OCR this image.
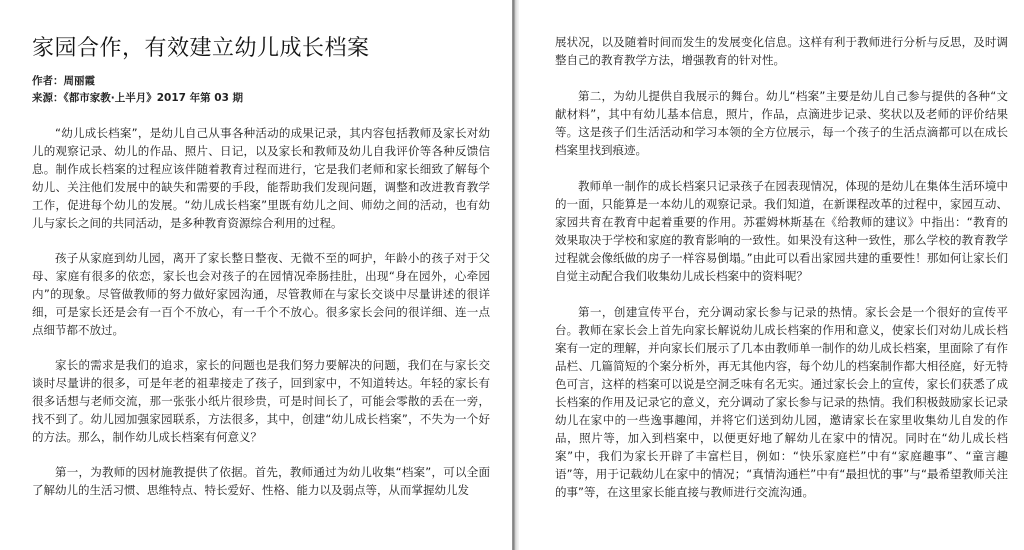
家园合作，有效建立幼儿成长档案
作者：周丽霞
来源：《都市家教·上半月》2017 年第 03 期

“幼儿成长档案”，是幼儿自己从事各种活动的成果记录，其内容包括教师及家长对幼儿的观察记录、幼儿的作品、照片、日记，以及家长和教师及幼儿自我评价等各种反馈信息。制作成长档案的过程应该伴随着教育过程而进行，它是我们老师和家长细致了解每个幼儿、关注他们发展中的缺失和需要的手段，能帮助我们发现问题，调整和改进教育教学工作，促进每个幼儿的发展。“幼儿成长档案”里既有幼儿之间、师幼之间的活动，也有幼儿与家长之间的共同活动，是多种教育资源综合利用的过程。

孩子从家庭到幼儿园，离开了家长整日整夜、无微不至的呵护，年龄小的孩子对于父母、家庭有很多的依恋，家长也会对孩子的在园情况牵肠挂肚，出现“身在园外，心牵园内”的现象。尽管做教师的努力做好家园沟通，尽管教师在与家长交谈中尽量讲述的很详细，可是家长还是会有一百个不放心，有一千个不放心。很多家长会问的很详细、连一点点细节都不放过。

家长的需求是我们的追求，家长的问题也是我们努力要解决的问题，我们在与家长交谈时尽量讲的很多，可是年老的祖辈接走了孩子，回到家中，不知道转达。年轻的家长有很多话想与老师交流，那一张张小纸片很珍贵，可是时间长了，可能会零散的丢在一旁，找不到了。幼儿园加强家园联系，方法很多，其中，创建“幼儿成长档案”，不失为一个好的方法。那么，制作幼儿成长档案有何意义？

第一，为教师的因材施教提供了依据。首先，教师通过为幼儿收集“档案”，可以全面了解幼儿的生活习惯、思维特点、特长爱好、性格、能力以及弱点等，从而掌握幼儿发

展状况，以及随着时间而发生的发展变化信息。这样有利于教师进行分析与反思，及时调整自己的教育教学方法，增强教育的针对性。

第二，为幼儿提供自我展示的舞台。幼儿“档案”主要是幼儿自己参与提供的各种“文献材料”，其中有幼儿基本信息，照片，作品，点滴进步记录、奖状以及老师的评价结果等。这是孩子们生活活动和学习本领的全方位展示，每一个孩子的生活点滴都可以在成长档案里找到痕迹。

教师单一制作的成长档案只记录孩子在园表现情况，体现的是幼儿在集体生活环境中的一面，只能算是一本幼儿的观察记录。我们知道，在新课程改革的过程中，家园互动、家园共育在教育中起着重要的作用。苏霍姆林斯基在《给教师的建议》中指出：“教育的效果取决于学校和家庭的教育影响的一致性。如果没有这种一致性，那么学校的教育教学过程就会像纸做的房子一样容易倒塌。”由此可以看出家园共建的重要性！那如何让家长们自觉主动配合我们收集幼儿成长档案中的资料呢？

第一，创建宣传平台，充分调动家长参与记录的热情。家长会是一个很好的宣传平台。教师在家长会上首先向家长解说幼儿成长档案的作用和意义，使家长们对幼儿成长档案有一定的理解，并向家长们展示了几本由教师单一制作的幼儿成长档案，里面除了有作品栏、几篇简短的个案分析外，再无其他内容，每个幼儿的档案制作都大相径庭，好无特色可言，这样的档案可以说是空洞乏味有名无实。通过家长会上的宣传，家长们获悉了成长档案的作用及记录它的意义，充分调动了家长参与记录的热情。我们积极鼓励家长记录幼儿在家中的一些逸事趣闻，并将它们送到幼儿园，邀请家长在家里收集幼儿自发的作品，照片等，加入到档案中，以便更好地了解幼儿在家中的情况。同时在“幼儿成长档案”中，我们为家长开辟了丰富栏目，例如：“快乐家庭栏”中有“家庭趣事”、“童言趣语”等，用于记载幼儿在家中的情况；“真情沟通栏”中有“最担忧的事”与“最希望教师关注的事”等，在这里家长能直接与教师进行交流沟通。
